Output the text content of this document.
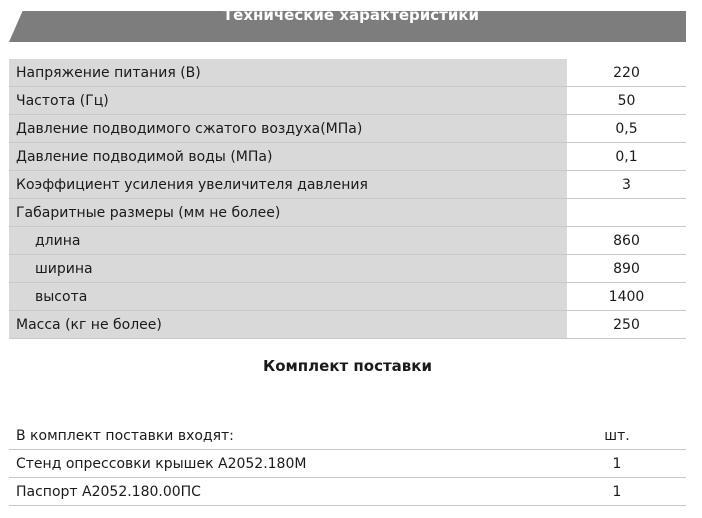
Технические характеристики
Напряжение питания (В)	220
Частота (Гц)	50
Давление подводимого сжатого воздуха(МПа)	0,5
Давление подводимой воды (МПа)	0,1
Коэффициент усиления увеличителя давления	3
Габаритные размеры (мм не более)	
длина	860
ширина	890
высота	1400
Масса (кг не более)	250
Комплект поставки
В комплект поставки входят:	шт.
Стенд опрессовки крышек А2052.180М	1
Паспорт А2052.180.00ПС	1
